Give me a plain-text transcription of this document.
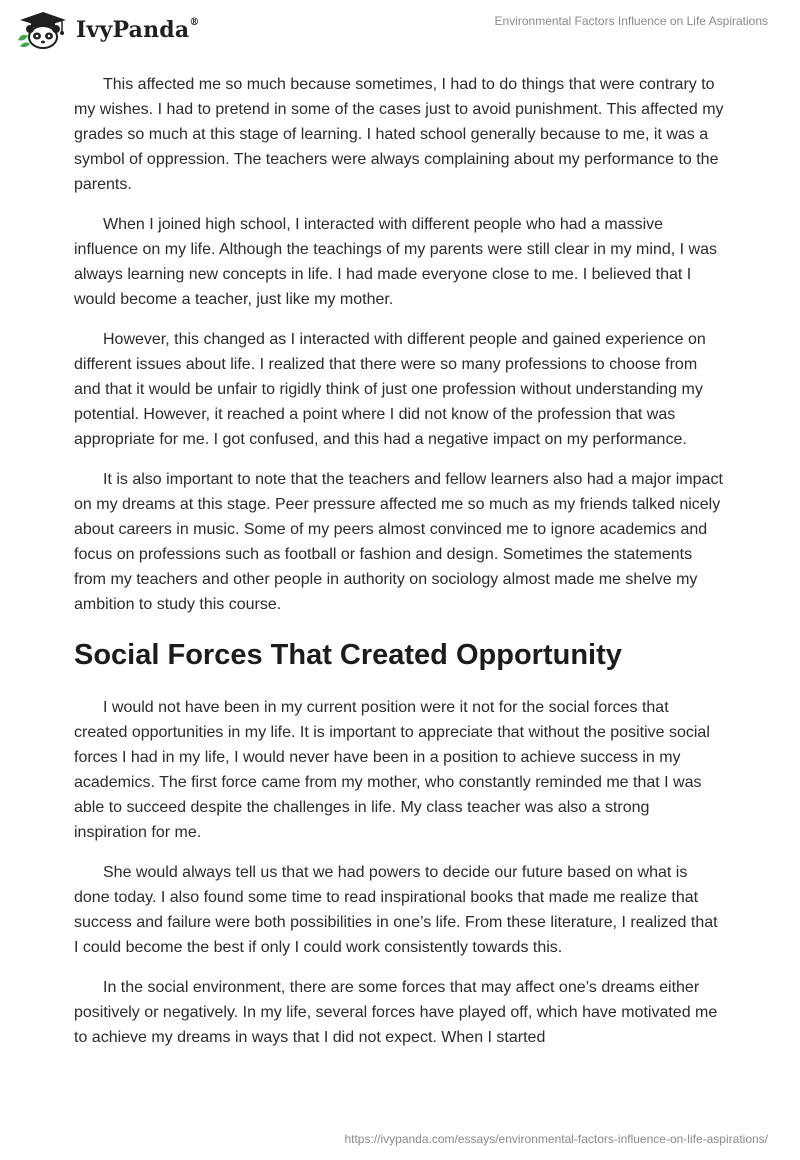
IvyPanda®	Environmental Factors Influence on Life Aspirations

This affected me so much because sometimes, I had to do things that were contrary to my wishes. I had to pretend in some of the cases just to avoid punishment. This affected my grades so much at this stage of learning. I hated school generally because to me, it was a symbol of oppression. The teachers were always complaining about my performance to the parents.

When I joined high school, I interacted with different people who had a massive influence on my life. Although the teachings of my parents were still clear in my mind, I was always learning new concepts in life. I had made everyone close to me. I believed that I would become a teacher, just like my mother.

However, this changed as I interacted with different people and gained experience on different issues about life. I realized that there were so many professions to choose from and that it would be unfair to rigidly think of just one profession without understanding my potential. However, it reached a point where I did not know of the profession that was appropriate for me. I got confused, and this had a negative impact on my performance.

It is also important to note that the teachers and fellow learners also had a major impact on my dreams at this stage. Peer pressure affected me so much as my friends talked nicely about careers in music. Some of my peers almost convinced me to ignore academics and focus on professions such as football or fashion and design. Sometimes the statements from my teachers and other people in authority on sociology almost made me shelve my ambition to study this course.

Social Forces That Created Opportunity

I would not have been in my current position were it not for the social forces that created opportunities in my life. It is important to appreciate that without the positive social forces I had in my life, I would never have been in a position to achieve success in my academics. The first force came from my mother, who constantly reminded me that I was able to succeed despite the challenges in life. My class teacher was also a strong inspiration for me.

She would always tell us that we had powers to decide our future based on what is done today. I also found some time to read inspirational books that made me realize that success and failure were both possibilities in one’s life. From these literature, I realized that I could become the best if only I could work consistently towards this.

In the social environment, there are some forces that may affect one’s dreams either positively or negatively. In my life, several forces have played off, which have motivated me to achieve my dreams in ways that I did not expect. When I started

https://ivypanda.com/essays/environmental-factors-influence-on-life-aspirations/
